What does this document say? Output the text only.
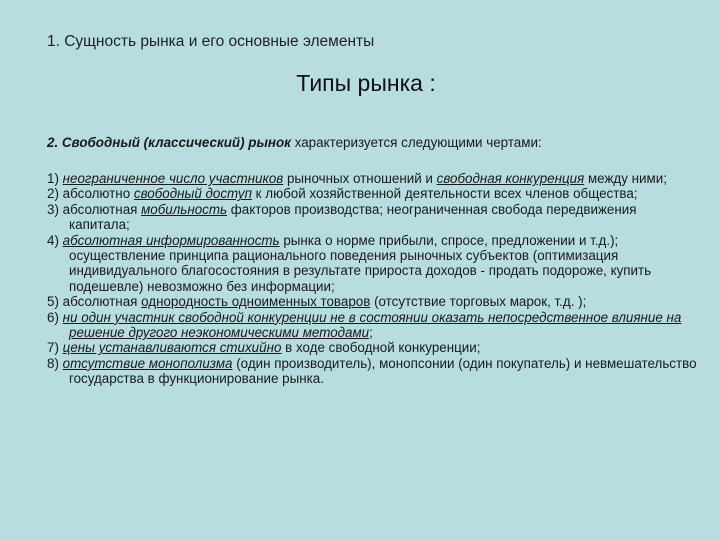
1. Сущность рынка и его основные элементы
Типы рынка :
2. Свободный (классический) рынок характеризуется следующими чертами:
1) неограниченное число участников рыночных отношений и свободная конкуренция между ними;
2) абсолютно свободный доступ к любой хозяйственной деятельности всех членов общества;
3) абсолютная мобильность факторов производства; неограниченная свобода передвижения капитала;
4) абсолютная информированность рынка о норме прибыли, спросе, предложении и т.д.); осуществление принципа рационального поведения рыночных субъектов (оптимизация индивидуального благосостояния в результате прироста доходов - продать подороже, купить подешевле) невозможно без информации;
5) абсолютная однородность одноименных товаров (отсутствие торговых марок, т.д. );
6) ни один участник свободной конкуренции не в состоянии оказать непосредственное влияние на решение другого неэкономическими методами;
7) цены устанавливаются стихийно в ходе свободной конкуренции;
8) отсутствие монополизма (один производитель), монопсонии (один покупатель) и невмешательство государства в функционирование рынка.
